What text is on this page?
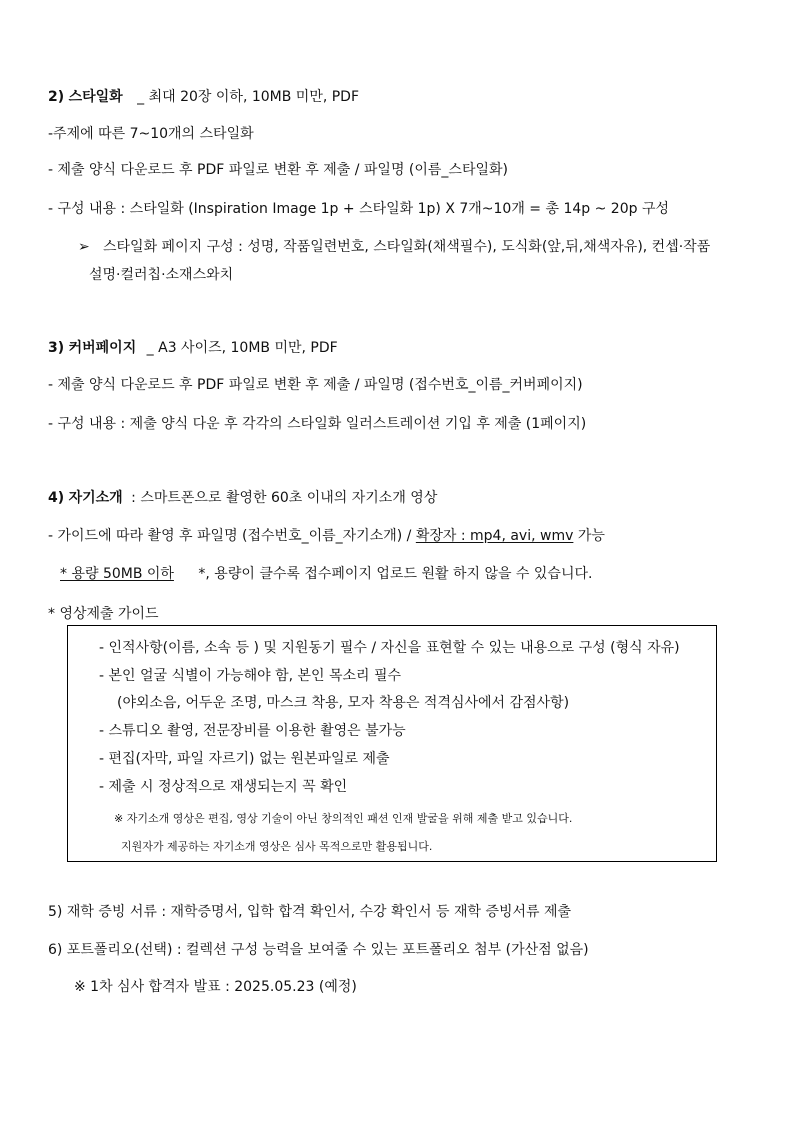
2) 스타일화 _ 최대 20장 이하, 10MB 미만, PDF
-주제에 따른 7~10개의 스타일화
- 제출 양식 다운로드 후 PDF 파일로 변환 후 제출 / 파일명 (이름_스타일화)
- 구성 내용 : 스타일화 (Inspiration Image 1p + 스타일화 1p) X 7개~10개 = 총 14p ~ 20p 구성
➢ 스타일화 페이지 구성 : 성명, 작품일련번호, 스타일화(채색필수), 도식화(앞,뒤,채색자유), 컨셉·작품
설명·컬러칩·소재스와치
3) 커버페이지 _ A3 사이즈, 10MB 미만, PDF
- 제출 양식 다운로드 후 PDF 파일로 변환 후 제출 / 파일명 (접수번호_이름_커버페이지)
- 구성 내용 : 제출 양식 다운 후 각각의 스타일화 일러스트레이션 기입 후 제출 (1페이지)
4) 자기소개 : 스마트폰으로 촬영한 60초 이내의 자기소개 영상
- 가이드에 따라 촬영 후 파일명 (접수번호_이름_자기소개) / 확장자 : mp4, avi, wmv 가능
* 용량 50MB 이하 *, 용량이 클수록 접수페이지 업로드 원활 하지 않을 수 있습니다.
* 영상제출 가이드
- 인적사항(이름, 소속 등 ) 및 지원동기 필수 / 자신을 표현할 수 있는 내용으로 구성 (형식 자유)
- 본인 얼굴 식별이 가능해야 함, 본인 목소리 필수
(야외소음, 어두운 조명, 마스크 착용, 모자 착용은 적격심사에서 감점사항)
- 스튜디오 촬영, 전문장비를 이용한 촬영은 불가능
- 편집(자막, 파일 자르기) 없는 원본파일로 제출
- 제출 시 정상적으로 재생되는지 꼭 확인
※ 자기소개 영상은 편집, 영상 기술이 아닌 창의적인 패션 인재 발굴을 위해 제출 받고 있습니다.
지원자가 제공하는 자기소개 영상은 심사 목적으로만 활용됩니다.
5) 재학 증빙 서류 : 재학증명서, 입학 합격 확인서, 수강 확인서 등 재학 증빙서류 제출
6) 포트폴리오(선택) : 컬렉션 구성 능력을 보여줄 수 있는 포트폴리오 첨부 (가산점 없음)
※ 1차 심사 합격자 발표 : 2025.05.23 (예정)
